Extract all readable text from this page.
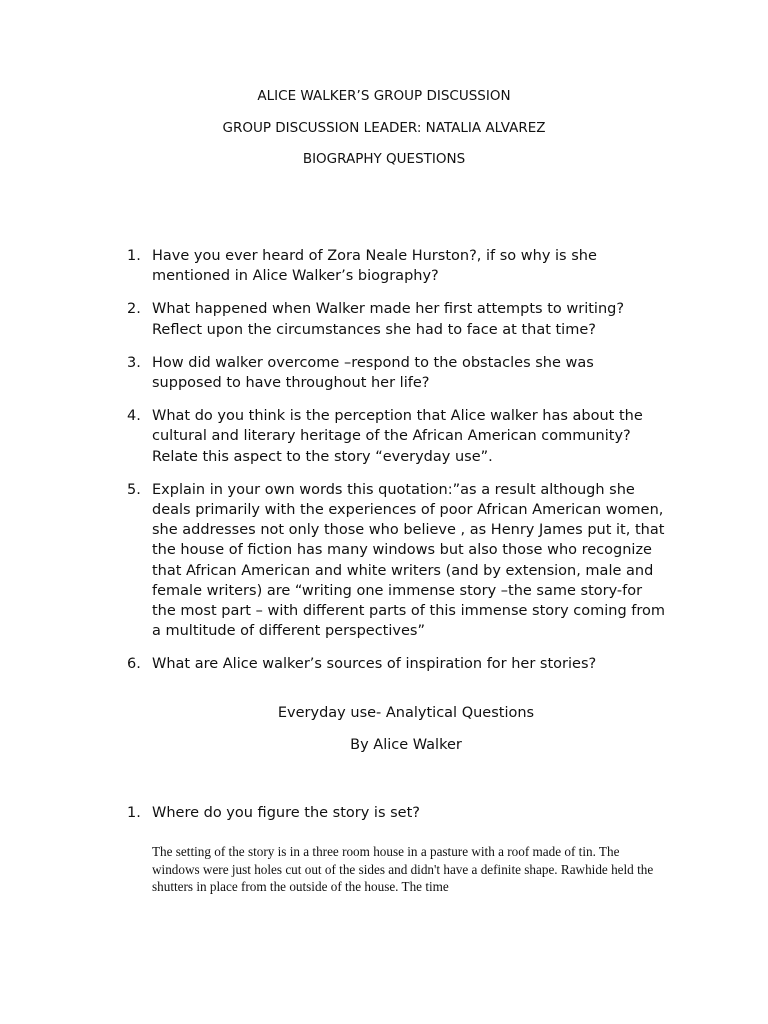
ALICE WALKER’S GROUP DISCUSSION
GROUP DISCUSSION LEADER: NATALIA ALVAREZ
BIOGRAPHY QUESTIONS
1. Have you ever heard of Zora Neale Hurston?, if so why is she mentioned in Alice Walker’s biography?
2. What happened when Walker made her first attempts to writing? Reflect upon the circumstances she had to face at that time?
3. How did walker overcome –respond to the obstacles she was supposed to have throughout her life?
4. What do you think is the perception that Alice walker has about the cultural and literary heritage of the African American community? Relate this aspect to the story “everyday use”.
5. Explain in your own words this quotation:”as a result although she deals primarily with the experiences of poor African American women, she addresses not only those who believe , as Henry James put it, that the house of fiction has many windows but also those who recognize that African American and white writers (and by extension, male and female writers) are “writing one immense story –the same story-for the most part – with different parts of this immense story coming from a multitude of different perspectives”
6. What are Alice walker’s sources of inspiration for her stories?
Everyday use- Analytical Questions
By Alice Walker
1. Where do you figure the story is set?
The setting of the story is in a three room house in a pasture with a roof made of tin. The windows were just holes cut out of the sides and didn't have a definite shape. Rawhide held the shutters in place from the outside of the house. The time
